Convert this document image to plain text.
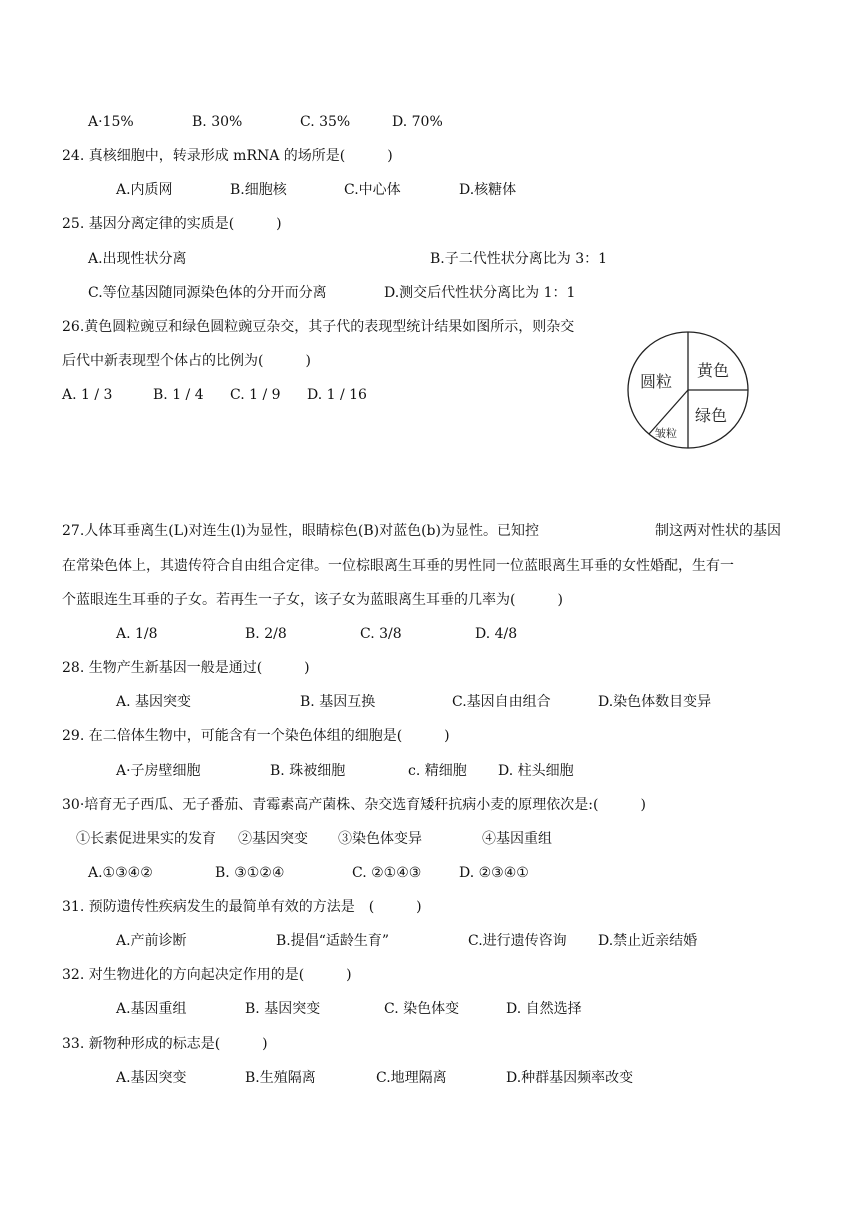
A·15%	B. 30%	C. 35%	D. 70%
24. 真核细胞中，转录形成 mRNA 的场所是(　　　)
A.内质网	B.细胞核	C.中心体	D.核糖体
25. 基因分离定律的实质是(　　　)
A.出现性状分离	B.子二代性状分离比为 3：1
C.等位基因随同源染色体的分开而分离	D.测交后代性状分离比为 1：1
26.黄色圆粒豌豆和绿色圆粒豌豆杂交，其子代的表现型统计结果如图所示，则杂交
后代中新表现型个体占的比例为(　　　)
A. 1 / 3	B. 1 / 4 C. 1 / 9 D. 1 / 16
圆粒
黄色
绿色
皱粒
27.人体耳垂离生(L)对连生(l)为显性，眼睛棕色(B)对蓝色(b)为显性。已知控	制这两对性状的基因
在常染色体上，其遗传符合自由组合定律。一位棕眼离生耳垂的男性同一位蓝眼离生耳垂的女性婚配，生有一
个蓝眼连生耳垂的子女。若再生一子女，该子女为蓝眼离生耳垂的几率为(　　　)
A. 1/8	B. 2/8	C. 3/8	D. 4/8
28. 生物产生新基因一般是通过(　　　)
A. 基因突变	B. 基因互换	C.基因自由组合	D.染色体数目变异
29. 在二倍体生物中，可能含有一个染色体组的细胞是(　　　)
A·子房壁细胞	B. 珠被细胞	c. 精细胞 D. 柱头细胞
30·培育无子西瓜、无子番茄、青霉素高产菌株、杂交选育矮秆抗病小麦的原理依次是:(　　　)
①长素促进果实的发育 ②基因突变 ③染色体变异	④基因重组
A.①③④②	B. ③①②④	C. ②①④③	D. ②③④①
31. 预防遗传性疾病发生的最简单有效的方法是　(　　　)
A.产前诊断	B.提倡“适龄生育”	C.进行遗传咨询 D.禁止近亲结婚
32. 对生物进化的方向起决定作用的是(　　　)
A.基因重组	B. 基因突变	C. 染色体变	D. 自然选择
33. 新物种形成的标志是(　　　)
A.基因突变	B.生殖隔离	C.地理隔离	D.种群基因频率改变
